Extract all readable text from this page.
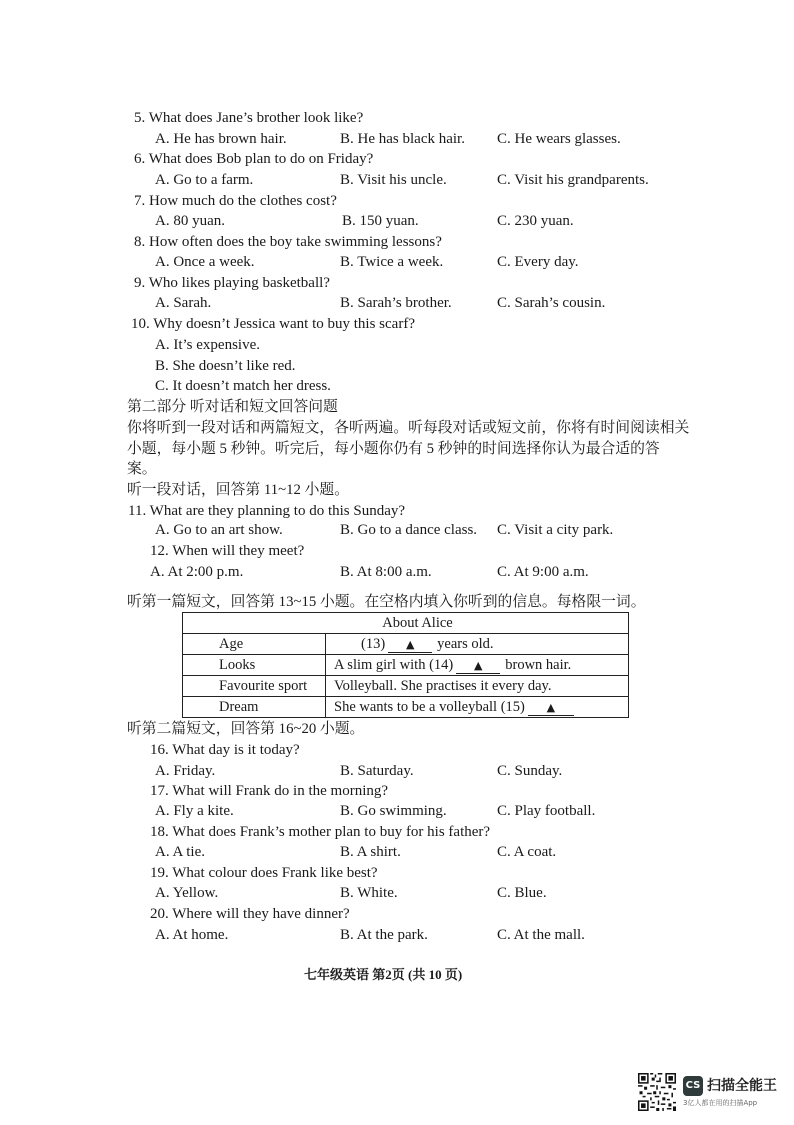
5. What does Jane’s brother look like?
A. He has brown hair.	B. He has black hair. C. He wears glasses.
6. What does Bob plan to do on Friday?
A. Go to a farm.	B. Visit his uncle.	C. Visit his grandparents.
7. How much do the clothes cost?
A. 80 yuan.	B. 150 yuan.	C. 230 yuan.
8. How often does the boy take swimming lessons?
A. Once a week.	B. Twice a week.	C. Every day.
9. Who likes playing basketball?
A. Sarah.	B. Sarah’s brother.	C. Sarah’s cousin.
10. Why doesn’t Jessica want to buy this scarf?
A. It’s expensive.
B. She doesn’t like red.
C. It doesn’t match her dress.
第二部分 听对话和短文回答问题
你将听到一段对话和两篇短文，各听两遍。听每段对话或短文前，你将有时间阅读相关
小题，每小题 5 秒钟。听完后，每小题你仍有 5 秒钟的时间选择你认为最合适的答
案。
听一段对话，回答第 11~12 小题。
11. What are they planning to do this Sunday?
A. Go to an art show.	B. Go to a dance class. C. Visit a city park.
12. When will they meet?
A. At 2:00 p.m.	B. At 8:00 a.m.	C. At 9:00 a.m.
听第一篇短文，回答第 13~15 小题。在空格内填入你听到的信息。每格限一词。
About Alice	
Age	(13) ▲ years old.
Looks	A slim girl with (14) ▲ brown hair.
Favourite sport	Volleyball. She practises it every day.
Dream	She wants to be a volleyball (15) ▲
听第二篇短文，回答第 16~20 小题。
16. What day is it today?
A. Friday.	B. Saturday.	C. Sunday.
17. What will Frank do in the morning?
A. Fly a kite.	B. Go swimming.	C. Play football.
18. What does Frank’s mother plan to buy for his father?
A. A tie.	B. A shirt.	C. A coat.
19. What colour does Frank like best?
A. Yellow.	B. White.	C. Blue.
20. Where will they have dinner?
A. At home.	B. At the park.	C. At the mall.
七年级英语 第2页 (共 10 页)
CS 扫描全能王
3亿人都在用的扫描App
